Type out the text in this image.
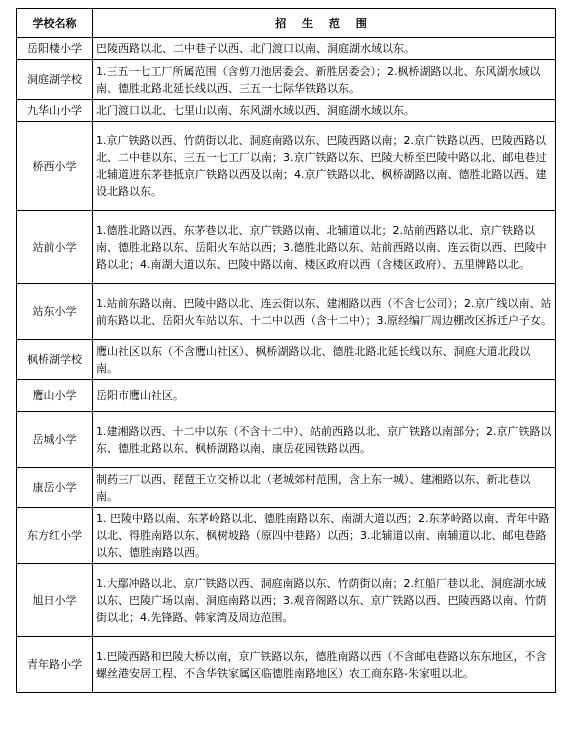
学校名称	招 生 范 围
岳阳楼小学	巴陵西路以北、二中巷子以西、北门渡口以南、洞庭湖水域以东。
洞庭湖学校	1.三五一七工厂所属范围（含剪刀池居委会、新胜居委会）；2.枫桥湖路以北、东风湖水域以南、德胜北路北延长线以西、三五一七际华铁路以东。
九华山小学	北门渡口以北、七里山以南、东风湖水域以西、洞庭湖水域以东。
桥西小学	1.京广铁路以西、竹荫街以北、洞庭南路以东、巴陵西路以南；2.京广铁路以西、巴陵西路以北、二中巷以东、三五一七工厂以南；3.京广铁路以东、巴陵大桥至巴陵中路以北、邮电巷过北辅道进东茅巷抵京广铁路以西及以南；4.京广铁路以北、枫桥湖路以南、德胜北路以西、建设北路以东。
站前小学	1.德胜北路以西、东茅巷以北、京广铁路以南、北辅道以北；2.站前西路以北、京广铁路以南、德胜北路以东、岳阳火车站以西；3.德胜北路以东、站前西路以南、连云街以西、巴陵中路以北；4.南湖大道以东、巴陵中路以南、楼区政府以西（含楼区政府）、五里牌路以北。
站东小学	1.站前东路以南、巴陵中路以北、连云街以东、建湘路以西（不含七公司）；2.京广线以南、站前东路以北、岳阳火车站以东、十二中以西（含十二中）；3.原经编厂周边棚改区拆迁户子女。
枫桥湖学校	鹰山社区以东（不含鹰山社区）、枫桥湖路以北、德胜北路北延长线以东、洞庭大道北段以南。
鹰山小学	岳阳市鹰山社区。
岳城小学	1.建湘路以西、十二中以东（不含十二中）、站前西路以北、京广铁路以南部分；2.京广铁路以东、德胜北路以东、枫桥湖路以南、康岳花园铁路以西。
康岳小学	制药三厂以西、琵琶王立交桥以北（老城郊村范围，含上东一城）、建湘路以东、新北巷以南。
东方红小学	1. 巴陵中路以南、东茅岭路以北、德胜南路以东、南湖大道以西；2.东茅岭路以南、青年中路以北、得胜南路以东、枫树坡路（原四中巷路）以西；3.北辅道以南、南辅道以北、邮电巷路以东、德胜南路以西。
旭日小学	1.大鄢冲路以北、京广铁路以西、洞庭南路以东、竹荫街以南；2.红船厂巷以北、洞庭湖水域以东、巴陵广场以南、洞庭南路以西；3.观音阁路以东、京广铁路以西、巴陵西路以南、竹荫街以北；4.先锋路、韩家湾及周边范围。
青年路小学	1.巴陵西路和巴陵大桥以南，京广铁路以东，德胜南路以西（不含邮电巷路以东东地区，不含螺丝港安居工程、不含华铁家属区临德胜南路地区）农工商东路-朱家咀以北。
